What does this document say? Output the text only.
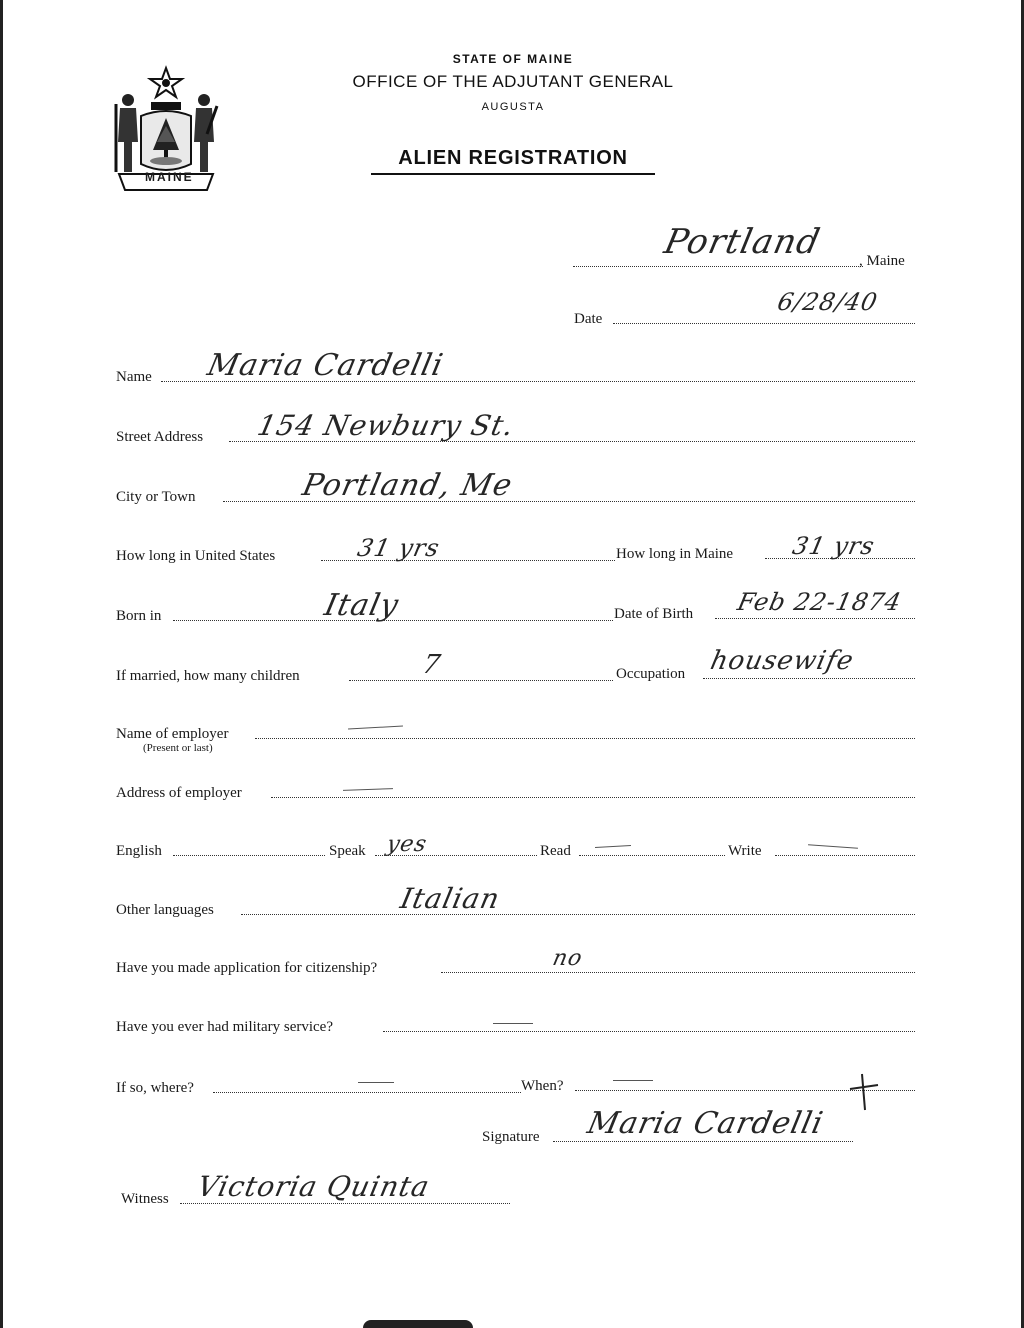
MAINE
STATE OF MAINE
OFFICE OF THE ADJUTANT GENERAL
AUGUSTA
ALIEN REGISTRATION
Portland , Maine
Date
6/28/40
Name Maria Cardelli
Street Address 154 Newbury St.
City or Town	Portland, Me
How long in United States	31 yrs	How long in Maine 31 yrs
Born in	Italy	Date of Birth Feb 22-1874
If married, how many children	7	Occupation housewife
Name of employer
(Present or last)
Address of employer
English	Speak yes	Read	Write
Other languages	Italian
Have you made application for citizenship?	no
Have you ever had military service?
If so, where?	When?
Signature Maria Cardelli
Witness Victoria Quinta
